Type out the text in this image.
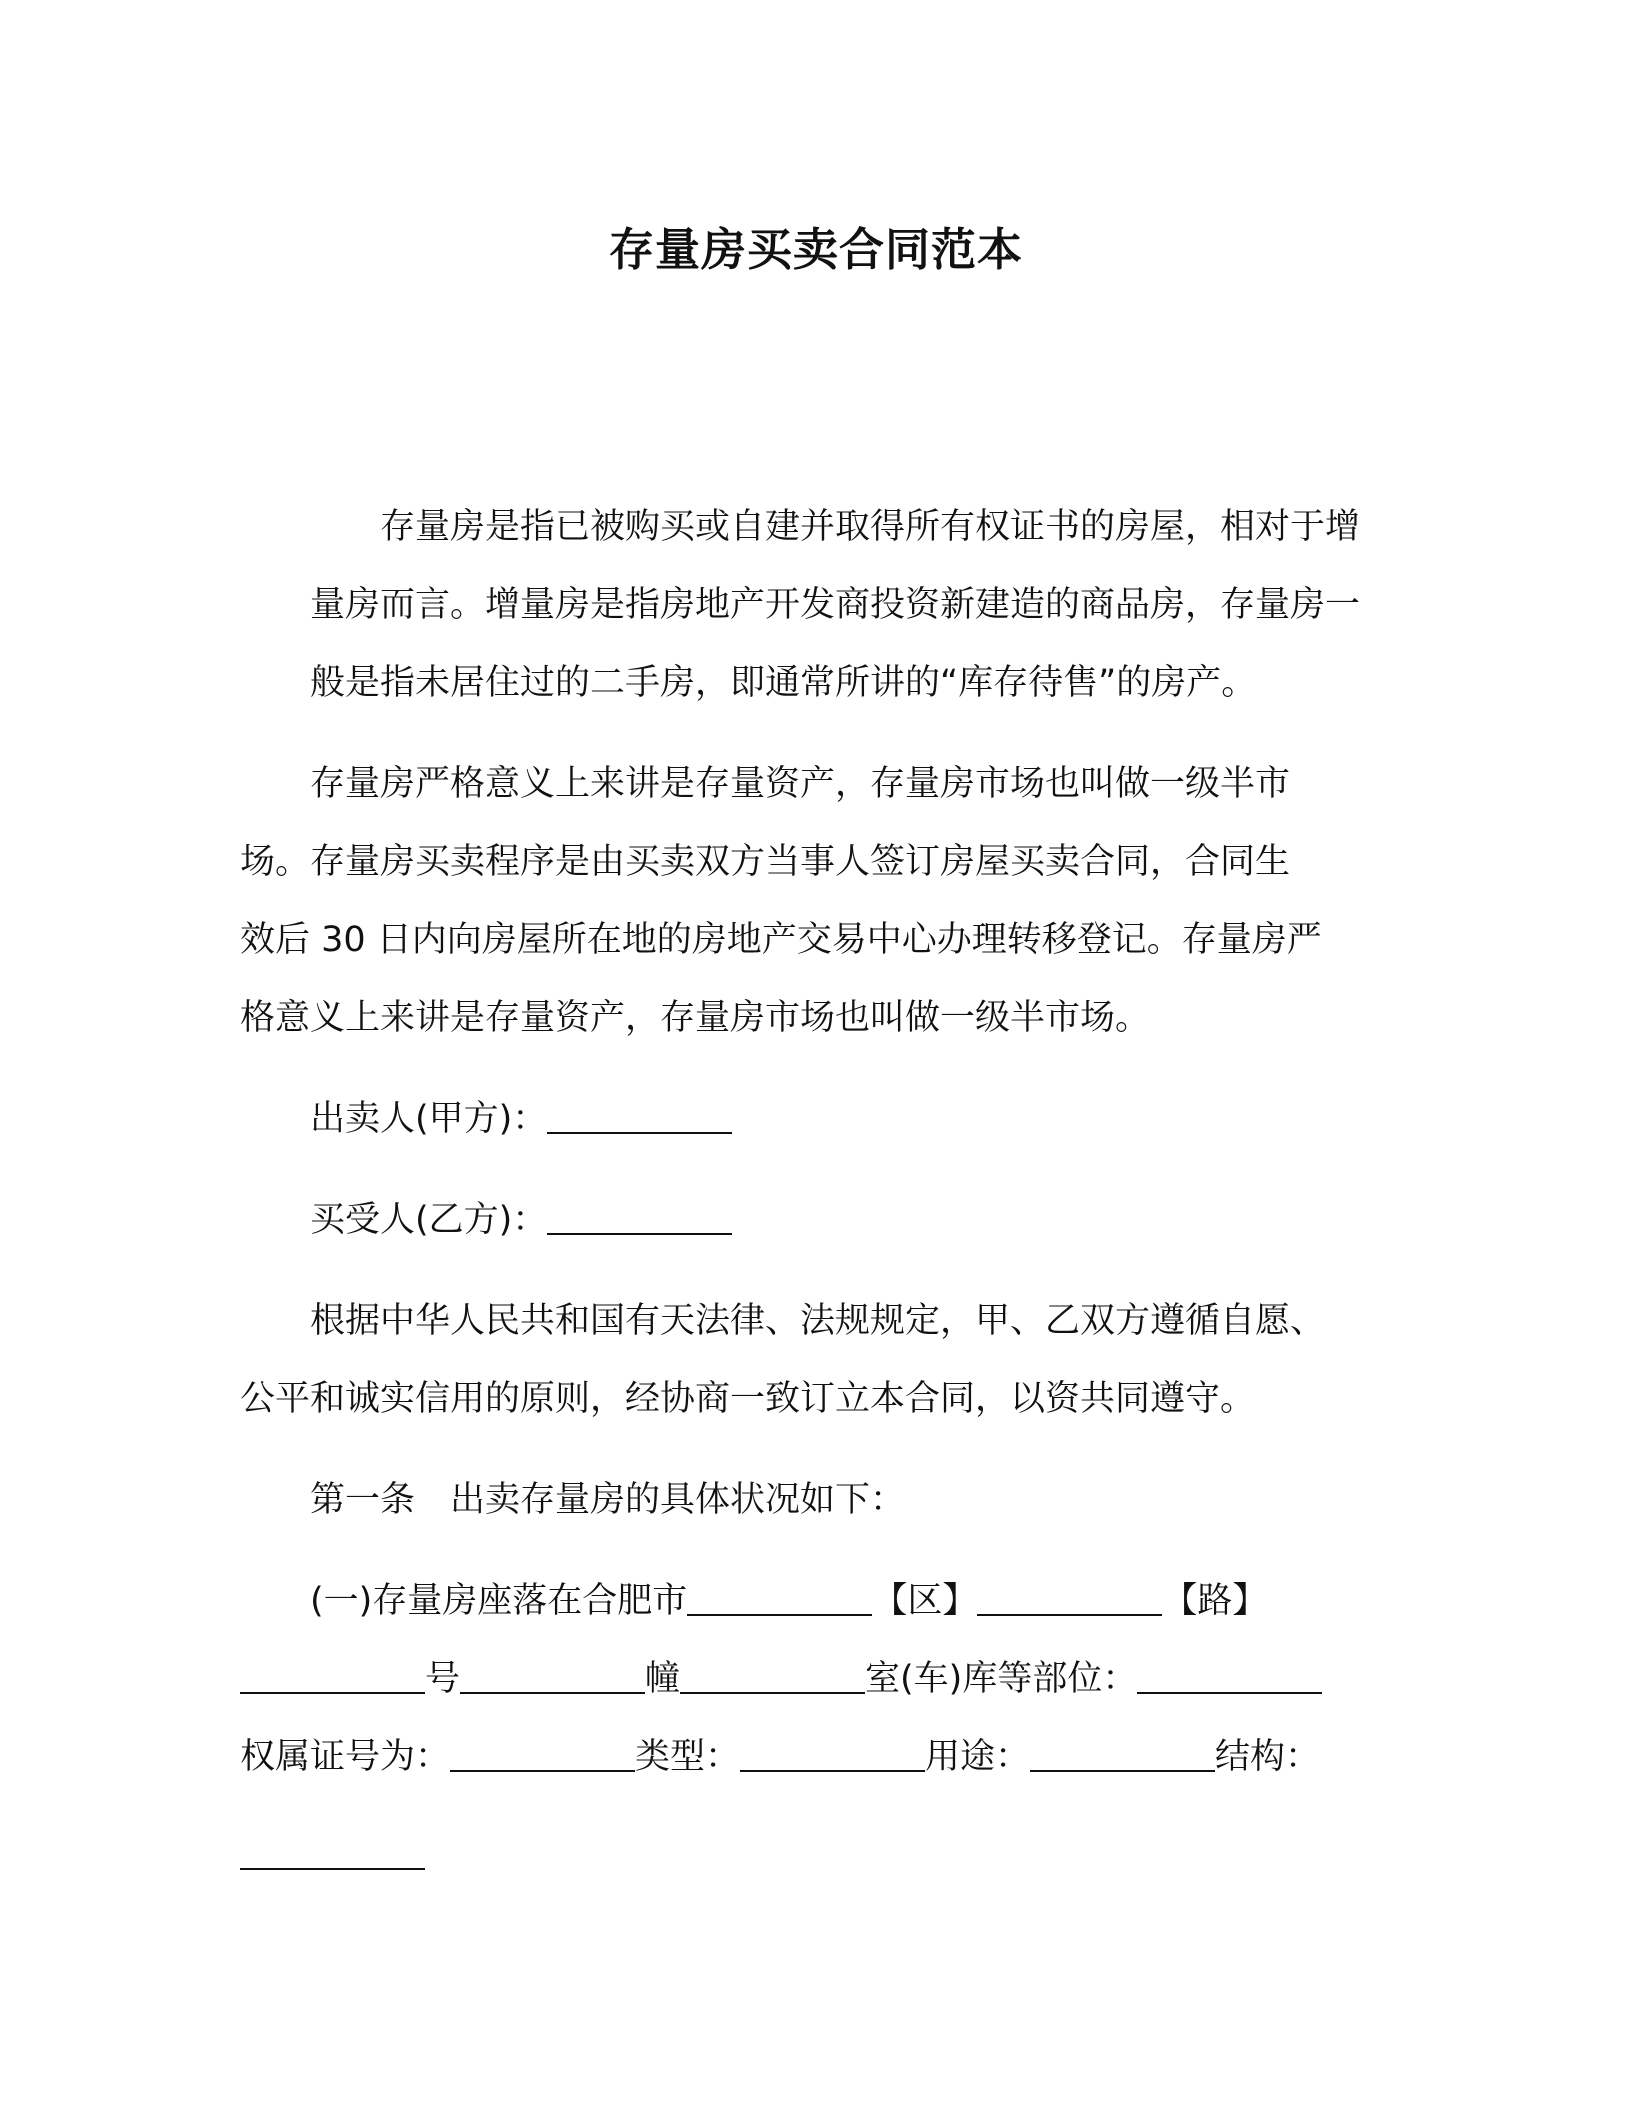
存量房买卖合同范本
存量房是指已被购买或自建并取得所有权证书的房屋，相对于增
量房而言。增量房是指房地产开发商投资新建造的商品房，存量房一
般是指未居住过的二手房，即通常所讲的“库存待售”的房产。
存量房严格意义上来讲是存量资产，存量房市场也叫做一级半市
场。存量房买卖程序是由买卖双方当事人签订房屋买卖合同，合同生
效后 30 日内向房屋所在地的房地产交易中心办理转移登记。存量房严
格意义上来讲是存量资产，存量房市场也叫做一级半市场。
出卖人(甲方)：
买受人(乙方)：
根据中华人民共和国有天法律、法规规定，甲、乙双方遵循自愿、
公平和诚实信用的原则，经协商一致订立本合同，以资共同遵守。
第一条　出卖存量房的具体状况如下：
(一)存量房座落在合肥市	【区】	【路】
号	幢	室(车)库等部位：
权属证号为：	类型：	用途：	结构：
